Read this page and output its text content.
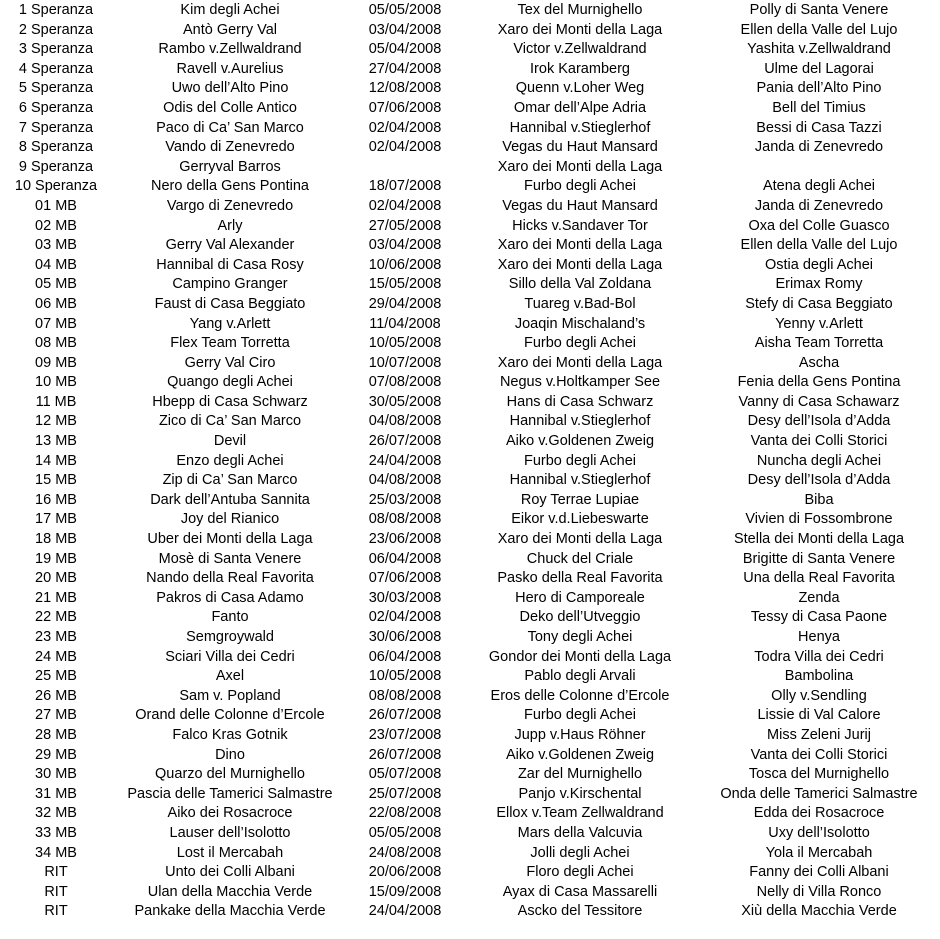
1 Speranza	Kim degli Achei	05/05/2008	Tex del Murnighello	Polly di Santa Venere
2 Speranza	Antò Gerry Val	03/04/2008	Xaro dei Monti della Laga	Ellen della Valle del Lujo
3 Speranza	Rambo v.Zellwaldrand	05/04/2008	Victor v.Zellwaldrand	Yashita v.Zellwaldrand
4 Speranza	Ravell v.Aurelius	27/04/2008	Irok Karamberg	Ulme del Lagorai
5 Speranza	Uwo dell’Alto Pino	12/08/2008	Quenn v.Loher Weg	Pania dell’Alto Pino
6 Speranza	Odis del Colle Antico	07/06/2008	Omar dell’Alpe Adria	Bell del Timius
7 Speranza	Paco di Ca’ San Marco	02/04/2008	Hannibal v.Stieglerhof	Bessi di Casa Tazzi
8 Speranza	Vando di Zenevredo	02/04/2008	Vegas du Haut Mansard	Janda di Zenevredo
9 Speranza	Gerryval Barros		Xaro dei Monti della Laga	
10 Speranza	Nero della Gens Pontina	18/07/2008	Furbo degli Achei	Atena degli Achei
01 MB	Vargo di Zenevredo	02/04/2008	Vegas du Haut Mansard	Janda di Zenevredo
02 MB	Arly	27/05/2008	Hicks v.Sandaver Tor	Oxa del Colle Guasco
03 MB	Gerry Val Alexander	03/04/2008	Xaro dei Monti della Laga	Ellen della Valle del Lujo
04 MB	Hannibal di Casa Rosy	10/06/2008	Xaro dei Monti della Laga	Ostia degli Achei
05 MB	Campino Granger	15/05/2008	Sillo della Val Zoldana	Erimax Romy
06 MB	Faust di Casa Beggiato	29/04/2008	Tuareg v.Bad-Bol	Stefy di Casa Beggiato
07 MB	Yang v.Arlett	11/04/2008	Joaqin Mischaland’s	Yenny v.Arlett
08 MB	Flex Team Torretta	10/05/2008	Furbo degli Achei	Aisha Team Torretta
09 MB	Gerry Val Ciro	10/07/2008	Xaro dei Monti della Laga	Ascha
10 MB	Quango degli Achei	07/08/2008	Negus v.Holtkamper See	Fenia della Gens Pontina
11 MB	Hbepp di Casa Schwarz	30/05/2008	Hans di Casa Schwarz	Vanny di Casa Schawarz
12 MB	Zico di Ca’ San Marco	04/08/2008	Hannibal v.Stieglerhof	Desy dell’Isola d’Adda
13 MB	Devil	26/07/2008	Aiko v.Goldenen Zweig	Vanta dei Colli Storici
14 MB	Enzo degli Achei	24/04/2008	Furbo degli Achei	Nuncha degli Achei
15 MB	Zip di Ca’ San Marco	04/08/2008	Hannibal v.Stieglerhof	Desy dell’Isola d’Adda
16 MB	Dark dell’Antuba Sannita	25/03/2008	Roy Terrae Lupiae	Biba
17 MB	Joy del Rianico	08/08/2008	Eikor v.d.Liebeswarte	Vivien di Fossombrone
18 MB	Uber dei Monti della Laga	23/06/2008	Xaro dei Monti della Laga	Stella dei Monti della Laga
19 MB	Mosè di Santa Venere	06/04/2008	Chuck del Criale	Brigitte di Santa Venere
20 MB	Nando della Real Favorita	07/06/2008	Pasko della Real Favorita	Una della Real Favorita
21 MB	Pakros di Casa Adamo	30/03/2008	Hero di Camporeale	Zenda
22 MB	Fanto	02/04/2008	Deko dell’Utveggio	Tessy di Casa Paone
23 MB	Semgroywald	30/06/2008	Tony degli Achei	Henya
24 MB	Sciari Villa dei Cedri	06/04/2008	Gondor dei Monti della Laga	Todra Villa dei Cedri
25 MB	Axel	10/05/2008	Pablo degli Arvali	Bambolina
26 MB	Sam v. Popland	08/08/2008	Eros delle Colonne d’Ercole	Olly v.Sendling
27 MB	Orand delle Colonne d’Ercole	26/07/2008	Furbo degli Achei	Lissie di Val Calore
28 MB	Falco Kras Gotnik	23/07/2008	Jupp v.Haus Röhner	Miss Zeleni Jurij
29 MB	Dino	26/07/2008	Aiko v.Goldenen Zweig	Vanta dei Colli Storici
30 MB	Quarzo del Murnighello	05/07/2008	Zar del Murnighello	Tosca del Murnighello
31 MB	Pascia delle Tamerici Salmastre	25/07/2008	Panjo v.Kirschental	Onda delle Tamerici Salmastre
32 MB	Aiko dei Rosacroce	22/08/2008	Ellox v.Team Zellwaldrand	Edda dei Rosacroce
33 MB	Lauser dell’Isolotto	05/05/2008	Mars della Valcuvia	Uxy dell’Isolotto
34 MB	Lost il Mercabah	24/08/2008	Jolli degli Achei	Yola il Mercabah
RIT	Unto dei Colli Albani	20/06/2008	Floro degli Achei	Fanny dei Colli Albani
RIT	Ulan della Macchia Verde	15/09/2008	Ayax di Casa Massarelli	Nelly di Villa Ronco
RIT	Pankake della Macchia Verde	24/04/2008	Ascko del Tessitore	Xiù della Macchia Verde
